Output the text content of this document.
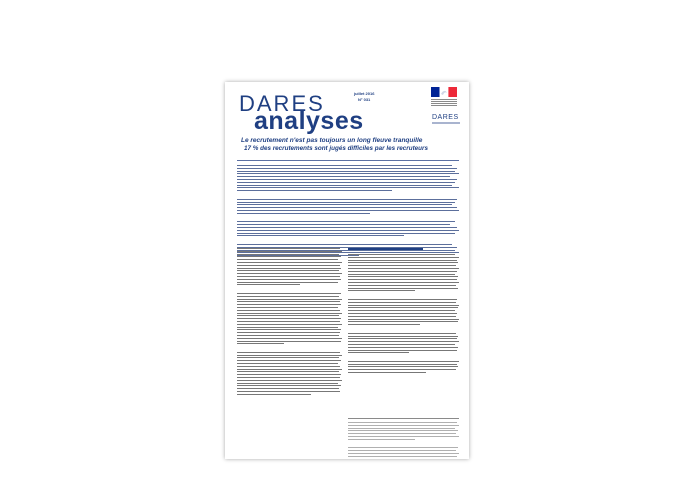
DARES
analyses
juillet 2016
N° 031
DARES
Le recrutement n'est pas toujours un long fleuve tranquille
17 % des recrutements sont jugés difficiles par les recruteurs
